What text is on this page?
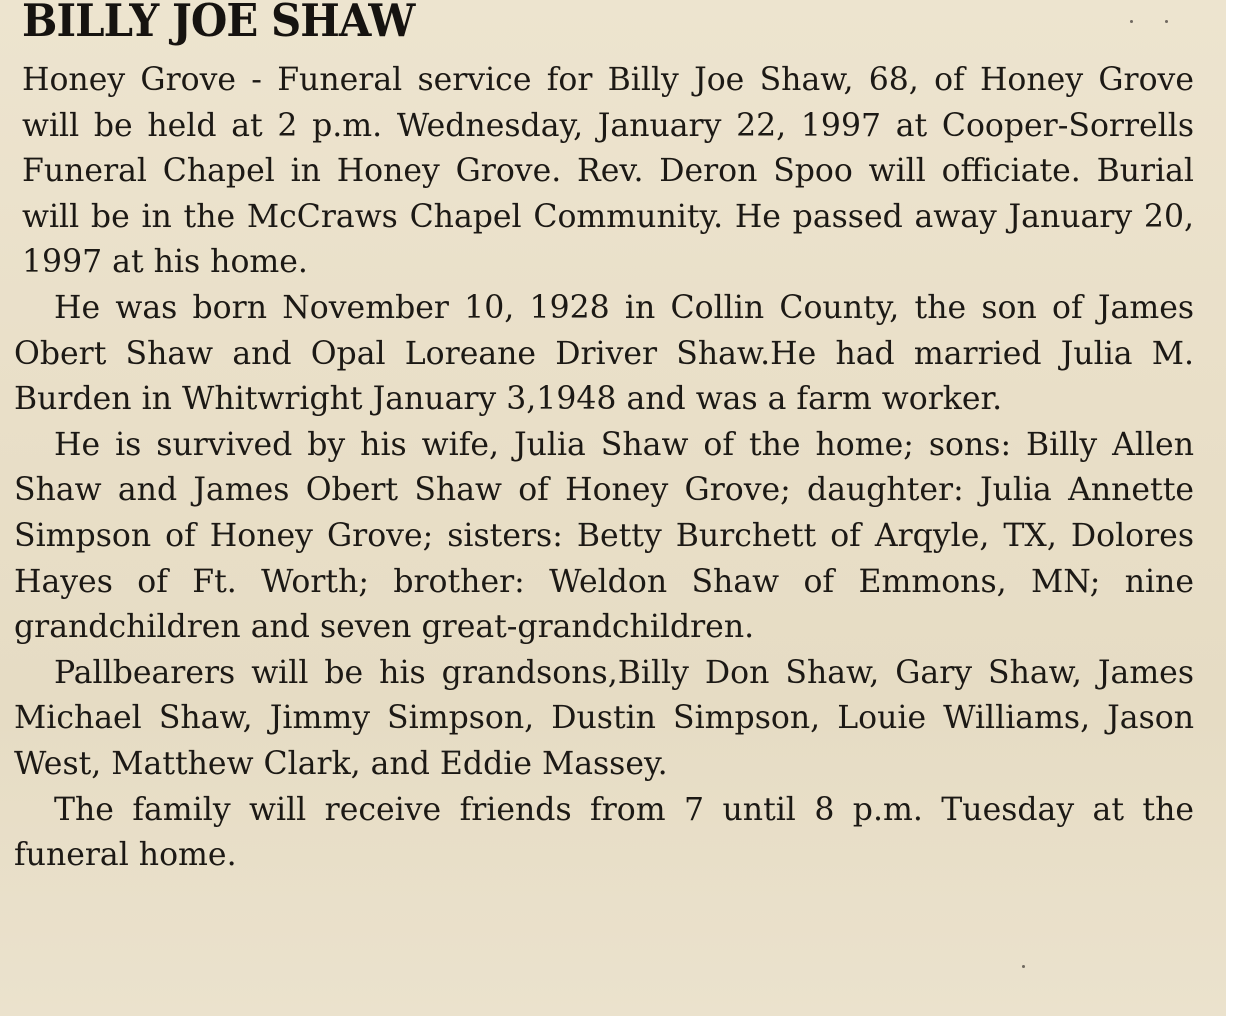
BILLY JOE SHAW

Honey Grove - Funeral service for Billy Joe Shaw, 68, of Honey Grove will be held at 2 p.m. Wednesday, January 22, 1997 at Cooper-Sorrells Funeral Chapel in Honey Grove. Rev. Deron Spoo will officiate. Burial will be in the McCraws Chapel Community. He passed away January 20, 1997 at his home.

He was born November 10, 1928 in Collin County, the son of James Obert Shaw and Opal Loreane Driver Shaw.He had married Julia M. Burden in Whitwright January 3,1948 and was a farm worker.

He is survived by his wife, Julia Shaw of the home; sons: Billy Allen Shaw and James Obert Shaw of Honey Grove; daughter: Julia Annette Simpson of Honey Grove; sisters: Betty Burchett of Arqyle, TX, Dolores Hayes of Ft. Worth; brother: Weldon Shaw of Emmons, MN; nine grandchildren and seven great-grandchildren.

Pallbearers will be his grandsons,Billy Don Shaw, Gary Shaw, James Michael Shaw, Jimmy Simpson, Dustin Simpson, Louie Williams, Jason West, Matthew Clark, and Eddie Massey.

The family will receive friends from 7 until 8 p.m. Tuesday at the funeral home.
